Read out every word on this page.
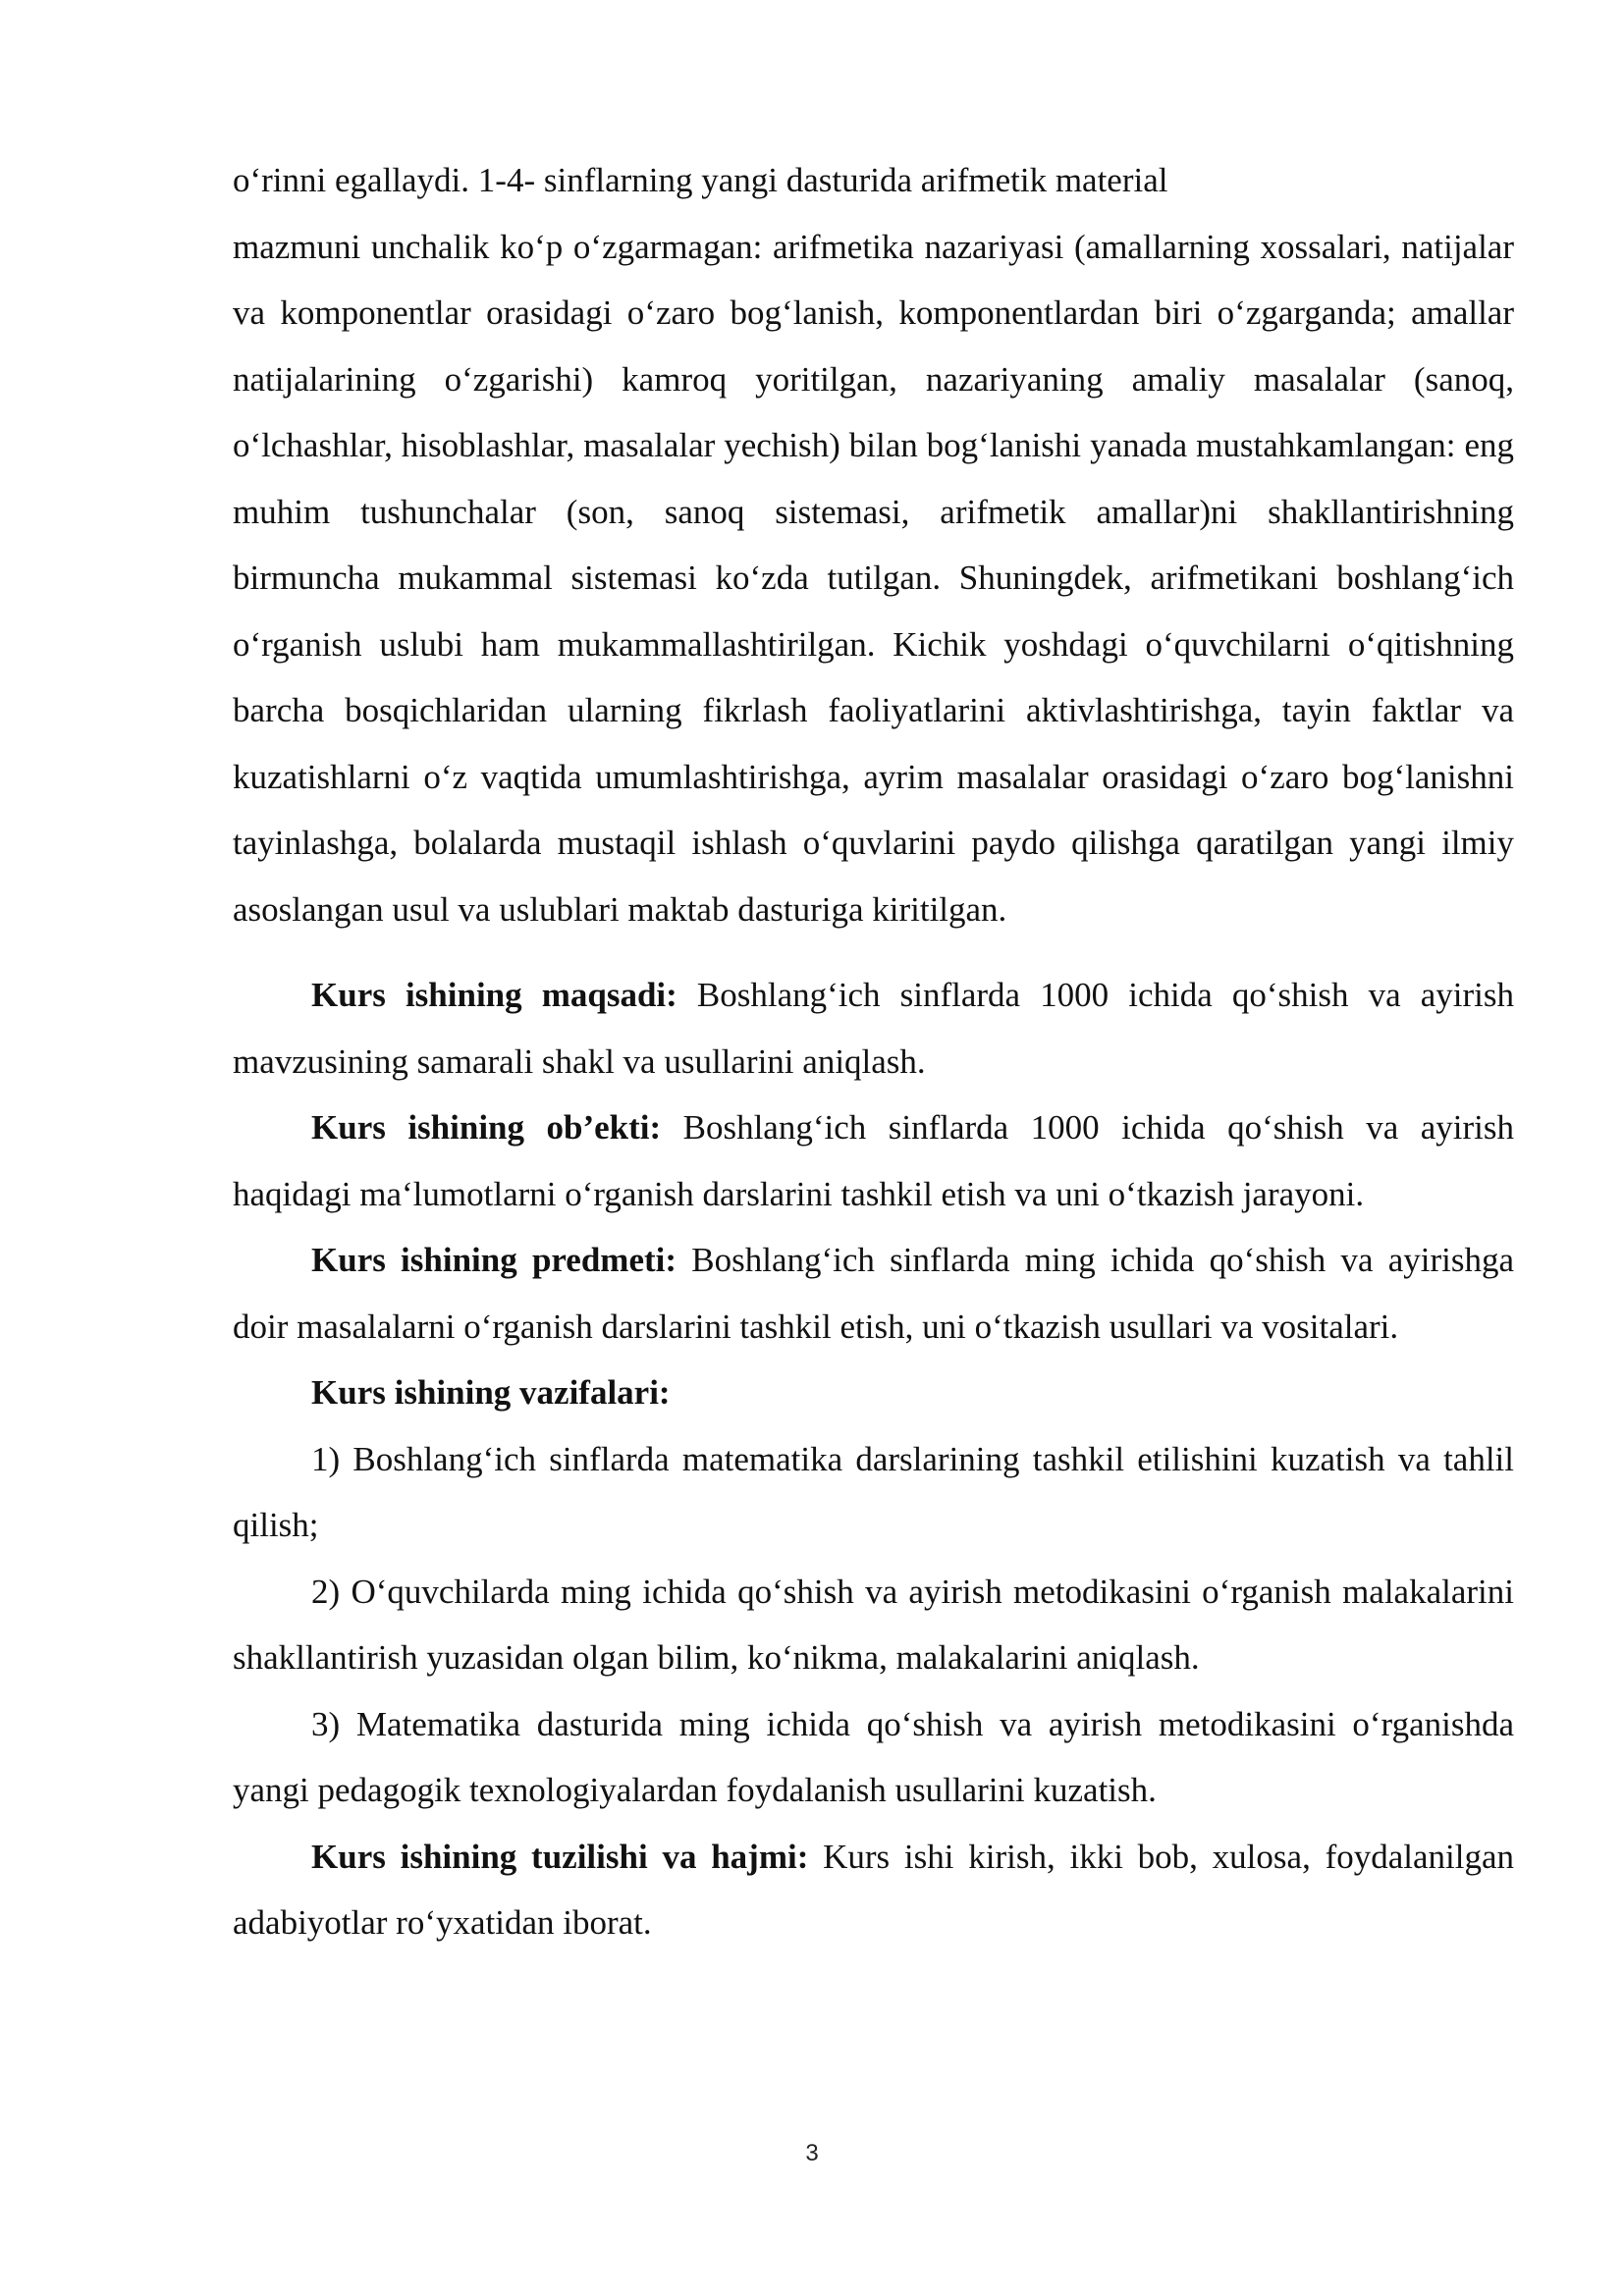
o‘rinni egallaydi. 1-4- sinflarning yangi dasturida arifmetik material

mazmuni unchalik ko‘p o‘zgarmagan: arifmetika nazariyasi (amallarning xossalari, natijalar va komponentlar orasidagi o‘zaro bog‘lanish, komponentlardan biri o‘zgarganda; amallar natijalarining o‘zgarishi) kamroq yoritilgan, nazariyaning amaliy masalalar (sanoq, o‘lchashlar, hisoblashlar, masalalar yechish) bilan bog‘lanishi yanada mustahkamlangan: eng muhim tushunchalar (son, sanoq sistemasi, arifmetik amallar)ni shakllantirishning birmuncha mukammal sistemasi ko‘zda tutilgan. Shuningdek, arifmetikani boshlang‘ich o‘rganish uslubi ham mukammallashtirilgan. Kichik yoshdagi o‘quvchilarni o‘qitishning barcha bosqichlaridan ularning fikrlash faoliyatlarini aktivlashtirishga, tayin faktlar va kuzatishlarni o‘z vaqtida umumlashtirishga, ayrim masalalar orasidagi o‘zaro bog‘lanishni tayinlashga, bolalarda mustaqil ishlash o‘quvlarini paydo qilishga qaratilgan yangi ilmiy asoslangan usul va uslublari maktab dasturiga kiritilgan.

Kurs ishining maqsadi: Boshlang‘ich sinflarda 1000 ichida qo‘shish va ayirish mavzusining samarali shakl va usullarini aniqlash.

Kurs ishining ob’ekti: Boshlang‘ich sinflarda 1000 ichida qo‘shish va ayirish haqidagi ma‘lumotlarni o‘rganish darslarini tashkil etish va uni o‘tkazish jarayoni.

Kurs ishining predmeti: Boshlang‘ich sinflarda ming ichida qo‘shish va ayirishga doir masalalarni o‘rganish darslarini tashkil etish, uni o‘tkazish usullari va vositalari.

Kurs ishining vazifalari:

1) Boshlang‘ich sinflarda matematika darslarining tashkil etilishini kuzatish va tahlil qilish;

2) O‘quvchilarda ming ichida qo‘shish va ayirish metodikasini o‘rganish malakalarini shakllantirish yuzasidan olgan bilim, ko‘nikma, malakalarini aniqlash.

3) Matematika dasturida ming ichida qo‘shish va ayirish metodikasini o‘rganishda yangi pedagogik texnologiyalardan foydalanish usullarini kuzatish.

Kurs ishining tuzilishi va hajmi: Kurs ishi kirish, ikki bob, xulosa, foydalanilgan adabiyotlar ro‘yxatidan iborat.

3
